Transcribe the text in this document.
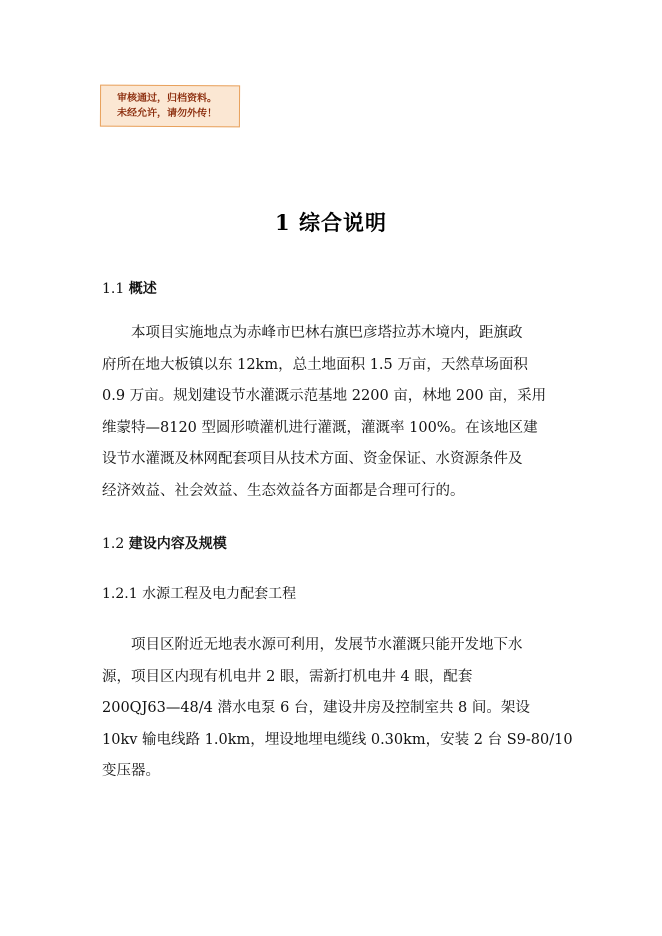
审核通过，归档资料。
未经允许，请勿外传！
1 综合说明
1.1 概述
本项目实施地点为赤峰市巴林右旗巴彦塔拉苏木境内，距旗政
府所在地大板镇以东 12km，总土地面积 1.5 万亩，天然草场面积
0.9 万亩。规划建设节水灌溉示范基地 2200 亩，林地 200 亩，采用
维蒙特—8120 型圆形喷灌机进行灌溉，灌溉率 100%。在该地区建
设节水灌溉及林网配套项目从技术方面、资金保证、水资源条件及
经济效益、社会效益、生态效益各方面都是合理可行的。
1.2 建设内容及规模
1.2.1 水源工程及电力配套工程
项目区附近无地表水源可利用，发展节水灌溉只能开发地下水
源，项目区内现有机电井 2 眼，需新打机电井 4 眼，配套
200QJ63—48/4 潜水电泵 6 台，建设井房及控制室共 8 间。架设
10kv 输电线路 1.0km，埋设地埋电缆线 0.30km，安装 2 台 S9-80/10
变压器。
